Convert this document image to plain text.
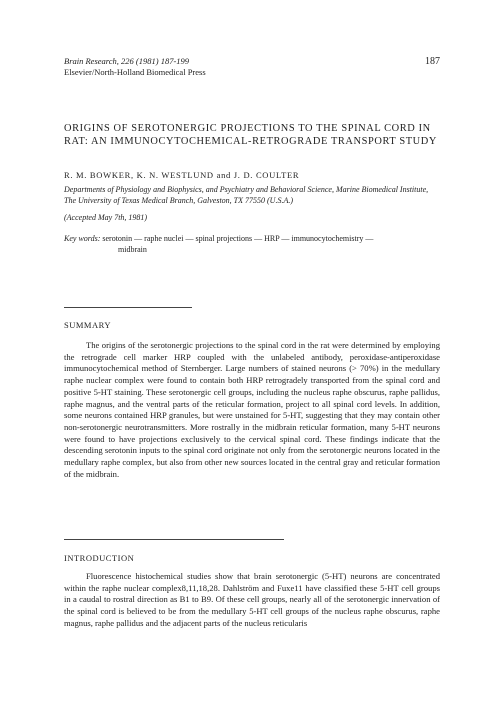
Brain Research, 226 (1981) 187-199
Elsevier/North-Holland Biomedical Press
187
ORIGINS OF SEROTONERGIC PROJECTIONS TO THE SPINAL CORD IN RAT: AN IMMUNOCYTOCHEMICAL-RETROGRADE TRANSPORT STUDY
R. M. BOWKER, K. N. WESTLUND and J. D. COULTER
Departments of Physiology and Biophysics, and Psychiatry and Behavioral Science, Marine Biomedical Institute, The University of Texas Medical Branch, Galveston, TX 77550 (U.S.A.)
(Accepted May 7th, 1981)
Key words: serotonin — raphe nuclei — spinal projections — HRP — immunocytochemistry —
midbrain
SUMMARY

The origins of the serotonergic projections to the spinal cord in the rat were determined by employing the retrograde cell marker HRP coupled with the unlabeled antibody, peroxidase-antiperoxidase immunocytochemical method of Sternberger. Large numbers of stained neurons (> 70%) in the medullary raphe nuclear complex were found to contain both HRP retrogradely transported from the spinal cord and positive 5-HT staining. These serotonergic cell groups, including the nucleus raphe obscurus, raphe pallidus, raphe magnus, and the ventral parts of the reticular formation, project to all spinal cord levels. In addition, some neurons contained HRP granules, but were unstained for 5-HT, suggesting that they may contain other non-serotonergic neurotransmitters. More rostrally in the midbrain reticular formation, many 5-HT neurons were found to have projections exclusively to the cervical spinal cord. These findings indicate that the descending serotonin inputs to the spinal cord originate not only from the serotonergic neurons located in the medullary raphe complex, but also from other new sources located in the central gray and reticular formation of the midbrain.

INTRODUCTION

Fluorescence histochemical studies show that brain serotonergic (5-HT) neurons are concentrated within the raphe nuclear complex8,11,18,28. Dahlström and Fuxe11 have classified these 5-HT cell groups in a caudal to rostral direction as B1 to B9. Of these cell groups, nearly all of the serotonergic innervation of the spinal cord is believed to be from the medullary 5-HT cell groups of the nucleus raphe obscurus, raphe magnus, raphe pallidus and the adjacent parts of the nucleus reticularis
